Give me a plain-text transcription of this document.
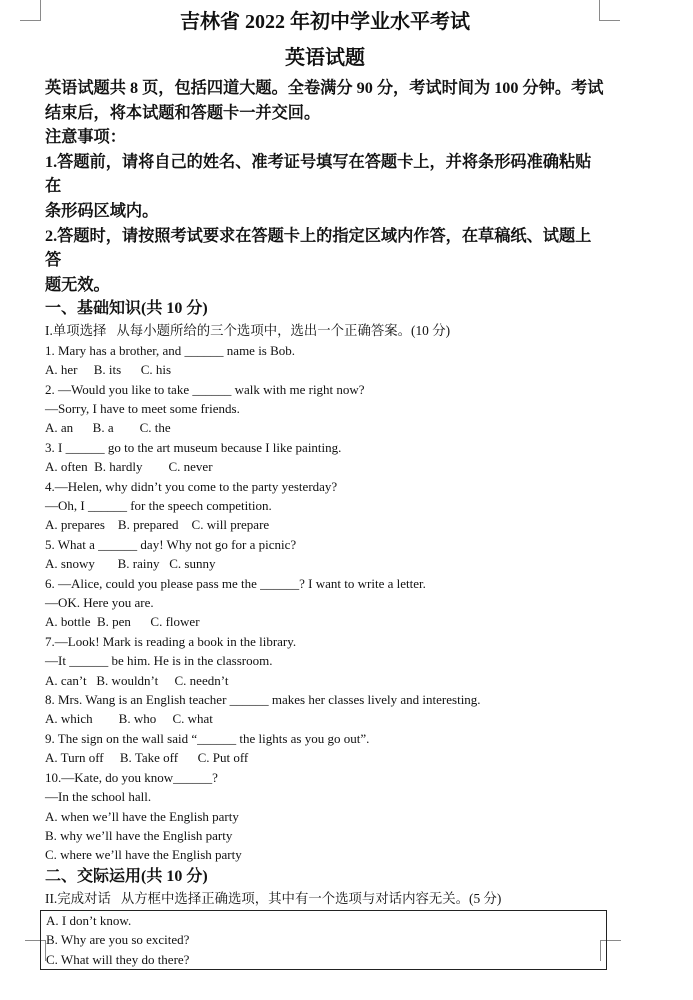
吉林省 2022 年初中学业水平考试

英语试题

英语试题共 8 页，包括四道大题。全卷满分 90 分，考试时间为 100 分钟。考试

结束后，将本试题和答题卡一并交回。

注意事项：

1.答题前，请将自己的姓名、准考证号填写在答题卡上，并将条形码准确粘贴在

条形码区域内。

2.答题时，请按照考试要求在答题卡上的指定区域内作答，在草稿纸、试题上答

题无效。

一、基础知识(共 10 分)

I.单项选择   从每小题所给的三个选项中，选出一个正确答案。(10 分)

1. Mary has a brother, and ______ name is Bob.

A. her     B. its      C. his

2. —Would you like to take ______ walk with me right now?

—Sorry, I have to meet some friends.

A. an      B. a        C. the

3. I ______ go to the art museum because I like painting.

A. often  B. hardly        C. never

4.—Helen, why didn’t you come to the party yesterday?

—Oh, I ______ for the speech competition.

A. prepares    B. prepared    C. will prepare

5. What a ______ day! Why not go for a picnic?

A. snowy       B. rainy   C. sunny

6. —Alice, could you please pass me the ______? I want to write a letter.

—OK. Here you are.

A. bottle  B. pen      C. flower

7.—Look! Mark is reading a book in the library.

—It ______ be him. He is in the classroom.

A. can’t   B. wouldn’t     C. needn’t

8. Mrs. Wang is an English teacher ______ makes her classes lively and interesting.

A. which        B. who     C. what

9. The sign on the wall said “______ the lights as you go out”.

A. Turn off     B. Take off      C. Put off

10.—Kate, do you know______?

—In the school hall.

A. when we’ll have the English party

B. why we’ll have the English party

C. where we’ll have the English party

二、交际运用(共 10 分)

II.完成对话   从方框中选择正确选项，其中有一个选项与对话内容无关。(5 分)

A. I don’t know.

B. Why are you so excited?

C. What will they do there?
